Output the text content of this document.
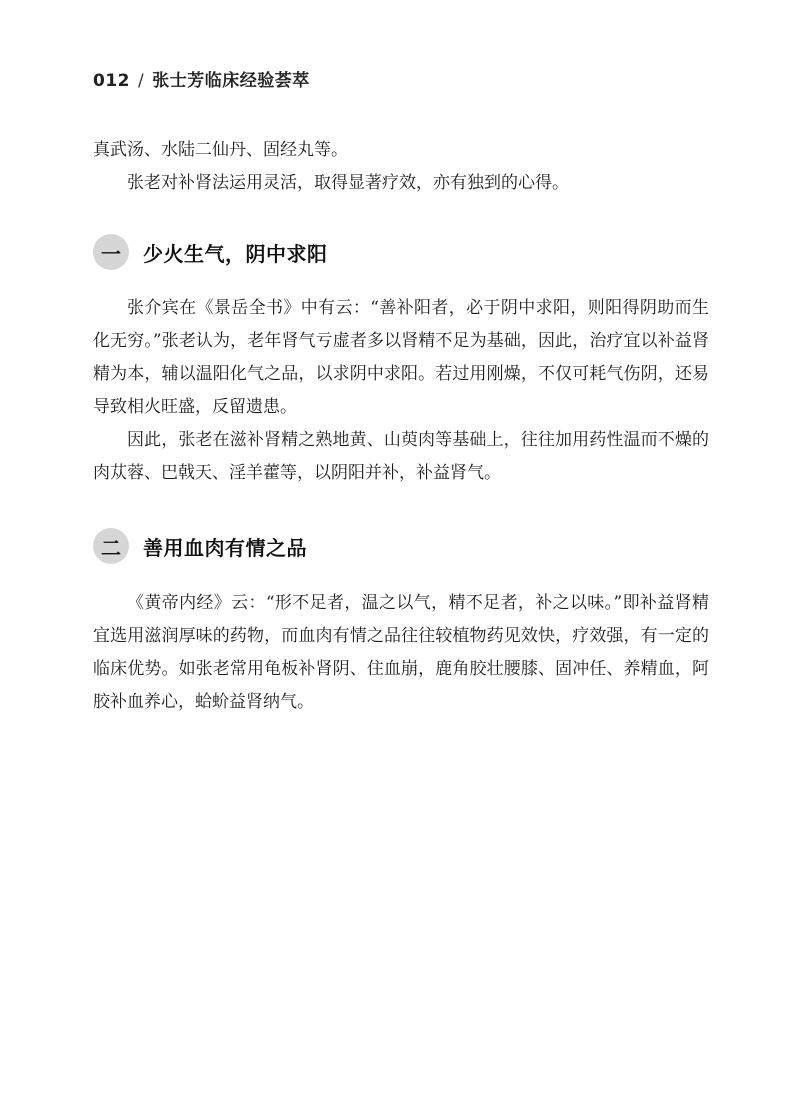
012 / 张士芳临床经验荟萃

真武汤、水陆二仙丹、固经丸等。

张老对补肾法运用灵活，取得显著疗效，亦有独到的心得。

一	少火生气，阴中求阳

张介宾在《景岳全书》中有云：“善补阳者，必于阴中求阳，则阳得阴助而生化无穷。”张老认为，老年肾气亏虚者多以肾精不足为基础，因此，治疗宜以补益肾精为本，辅以温阳化气之品，以求阴中求阳。若过用刚燥，不仅可耗气伤阴，还易导致相火旺盛，反留遗患。

因此，张老在滋补肾精之熟地黄、山萸肉等基础上，往往加用药性温而不燥的肉苁蓉、巴戟天、淫羊藿等，以阴阳并补，补益肾气。

二	善用血肉有情之品

《黄帝内经》云：“形不足者，温之以气，精不足者，补之以味。”即补益肾精宜选用滋润厚味的药物，而血肉有情之品往往较植物药见效快，疗效强，有一定的临床优势。如张老常用龟板补肾阴、住血崩，鹿角胶壮腰膝、固冲任、养精血，阿胶补血养心，蛤蚧益肾纳气。
